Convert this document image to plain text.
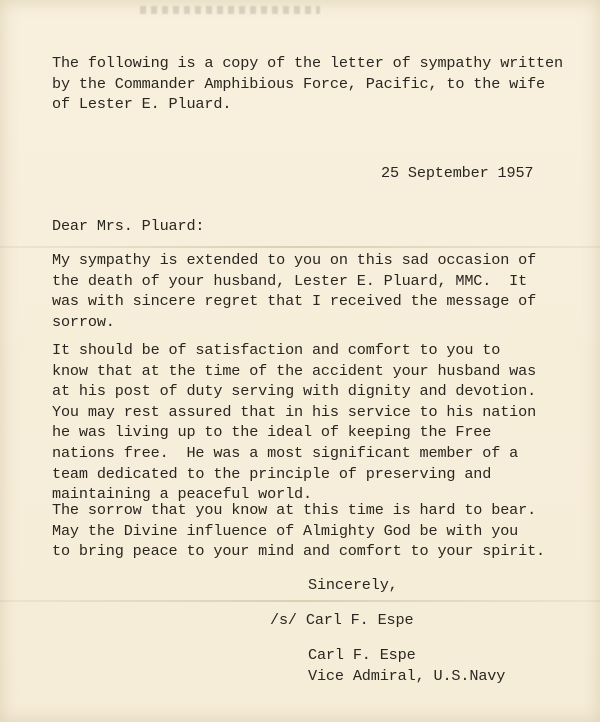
The following is a copy of the letter of sympathy written
by the Commander Amphibious Force, Pacific, to the wife
of Lester E. Pluard.

25 September 1957

Dear Mrs. Pluard:

My sympathy is extended to you on this sad occasion of
the death of your husband, Lester E. Pluard, MMC.  It
was with sincere regret that I received the message of
sorrow.

It should be of satisfaction and comfort to you to
know that at the time of the accident your husband was
at his post of duty serving with dignity and devotion.
You may rest assured that in his service to his nation
he was living up to the ideal of keeping the Free
nations free.  He was a most significant member of a
team dedicated to the principle of preserving and
maintaining a peaceful world.

The sorrow that you know at this time is hard to bear.
May the Divine influence of Almighty God be with you
to bring peace to your mind and comfort to your spirit.

Sincerely,

/s/ Carl F. Espe

Carl F. Espe

Vice Admiral, U.S.Navy
